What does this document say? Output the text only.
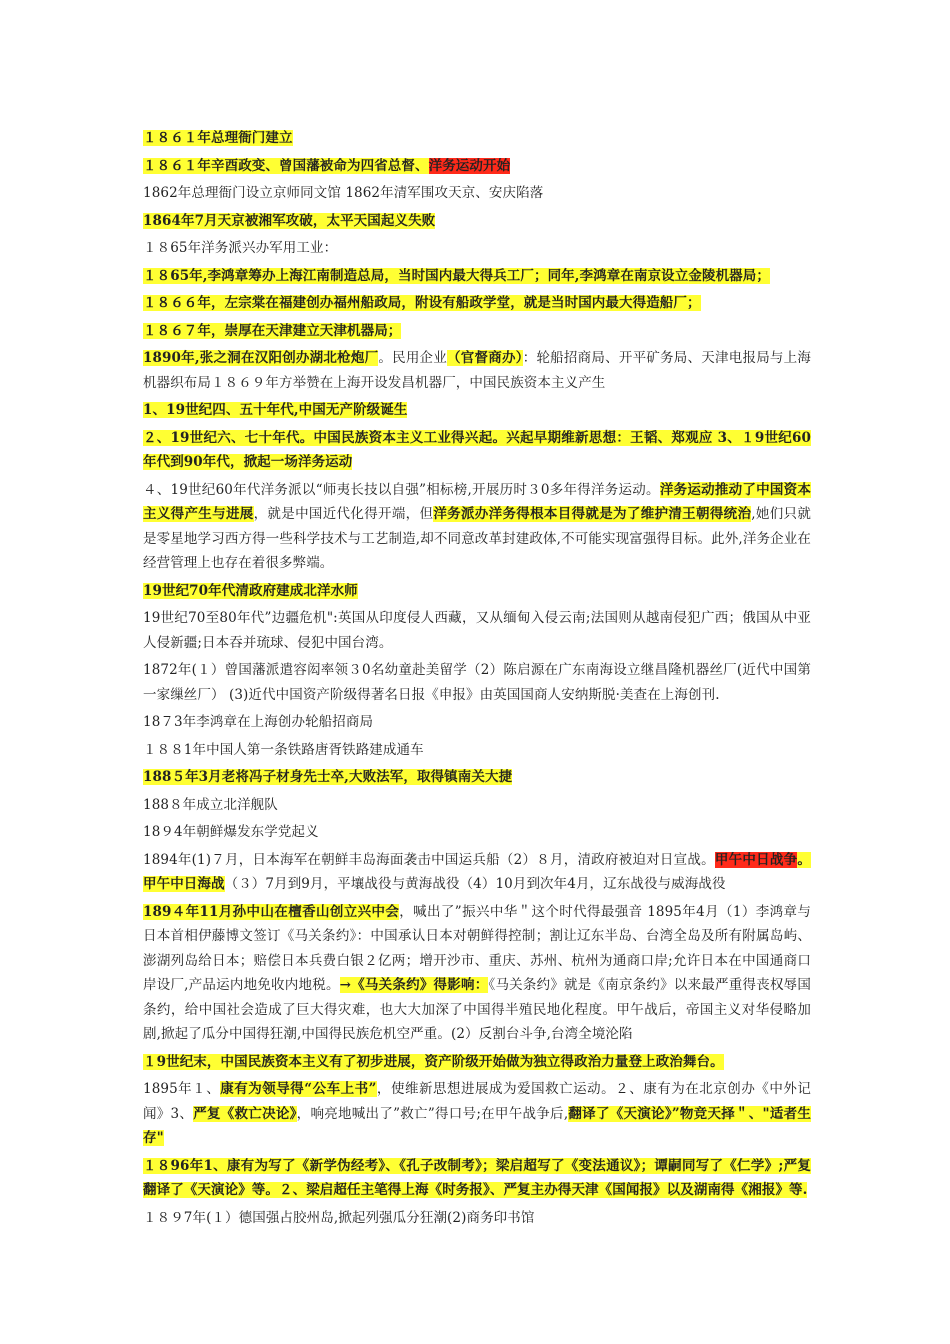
１８６１年总理衙门建立

１８６１年辛酉政变、曾国藩被命为四省总督、洋务运动开始

1862年总理衙门设立京师同文馆 1862年清军围攻天京、安庆陷落

1864年7月天京被湘军攻破，太平天国起义失败

１８65年洋务派兴办军用工业：

１８65年,李鸿章筹办上海江南制造总局，当时国内最大得兵工厂；同年,李鸿章在南京设立金陵机器局；

１８６６年，左宗棠在福建创办福州船政局，附设有船政学堂，就是当时国内最大得造船厂；

１８６７年，崇厚在天津建立天津机器局；

1890年,张之洞在汉阳创办湖北枪炮厂。民用企业（官督商办）：轮船招商局、开平矿务局、天津电报局与上海机器织布局１８６９年方举赞在上海开设发昌机器厂，中国民族资本主义产生

1、19世纪四、五十年代,中国无产阶级诞生

２、19世纪六、七十年代。中国民族资本主义工业得兴起。兴起早期维新思想：王韬、郑观应 3、１9世纪60年代到90年代，掀起一场洋务运动

４、19世纪60年代洋务派以“师夷长技以自强”相标榜,开展历时３0多年得洋务运动。洋务运动推动了中国资本主义得产生与进展，就是中国近代化得开端，但洋务派办洋务得根本目得就是为了维护清王朝得统治,她们只就是零星地学习西方得一些科学技术与工艺制造,却不同意改革封建政体,不可能实现富强得目标。此外,洋务企业在经营管理上也存在着很多弊端。

19世纪70年代清政府建成北洋水师

19世纪70至80年代”边疆危机":英国从印度侵人西藏，又从缅甸入侵云南;法国则从越南侵犯广西；俄国从中亚人侵新疆;日本吞并琉球、侵犯中国台湾。

1872年(１）曾国藩派遣容闳率领３0名幼童赴美留学（2）陈启源在广东南海设立继昌隆机器丝厂(近代中国第一家缫丝厂） (3)近代中国资产阶级得著名日报《申报》由英国国商人安纳斯脱·美查在上海创刊.

18７3年李鸿章在上海创办轮船招商局

１８８1年中国人第一条铁路唐胥铁路建成通车

188５年3月老将冯子材身先士卒,大败法军，取得镇南关大捷

188８年成立北洋舰队

18９4年朝鲜爆发东学党起义

1894年(1)７月，日本海军在朝鲜丰岛海面袭击中国运兵船（2）８月，清政府被迫对日宣战。甲午中日战争。甲午中日海战（３）7月到9月，平壤战役与黄海战役（4）10月到次年4月，辽东战役与威海战役

189４年11月孙中山在檀香山创立兴中会，喊出了”振兴中华＂这个时代得最强音 1895年4月（1）李鸿章与日本首相伊藤博文签订《马关条约》：中国承认日本对朝鲜得控制；割让辽东半岛、台湾全岛及所有附属岛屿、澎湖列岛给日本；赔偿日本兵费白银２亿两；增开沙市、重庆、苏州、杭州为通商口岸;允许日本在中国通商口岸设厂,产品运内地免收内地税。→《马关条约》得影响：《马关条约》就是《南京条约》以来最严重得丧权辱国条约，给中国社会造成了巨大得灾难，也大大加深了中国得半殖民地化程度。甲午战后，帝国主义对华侵略加剧,掀起了瓜分中国得狂潮,中国得民族危机空严重。(2）反割台斗争,台湾全境沦陷

１9世纪末，中国民族资本主义有了初步进展，资产阶级开始做为独立得政治力量登上政治舞台。

1895年１、康有为领导得“公车上书”，使维新思想进展成为爱国救亡运动。２、康有为在北京创办《中外记闻》3、严复《救亡决论》，响亮地喊出了”救亡”得口号;在甲午战争后,翻译了《天演论》”物竞天择＂、"适者生存"

１８96年1、康有为写了《新学伪经考》、《孔子改制考》；梁启超写了《变法通议》；谭嗣同写了《仁学》;严复翻译了《天演论》等。２、梁启超任主笔得上海《时务报》、严复主办得天津《国闻报》以及湖南得《湘报》等.

１８９7年(１）德国强占胶州岛,掀起列强瓜分狂潮(2)商务印书馆
